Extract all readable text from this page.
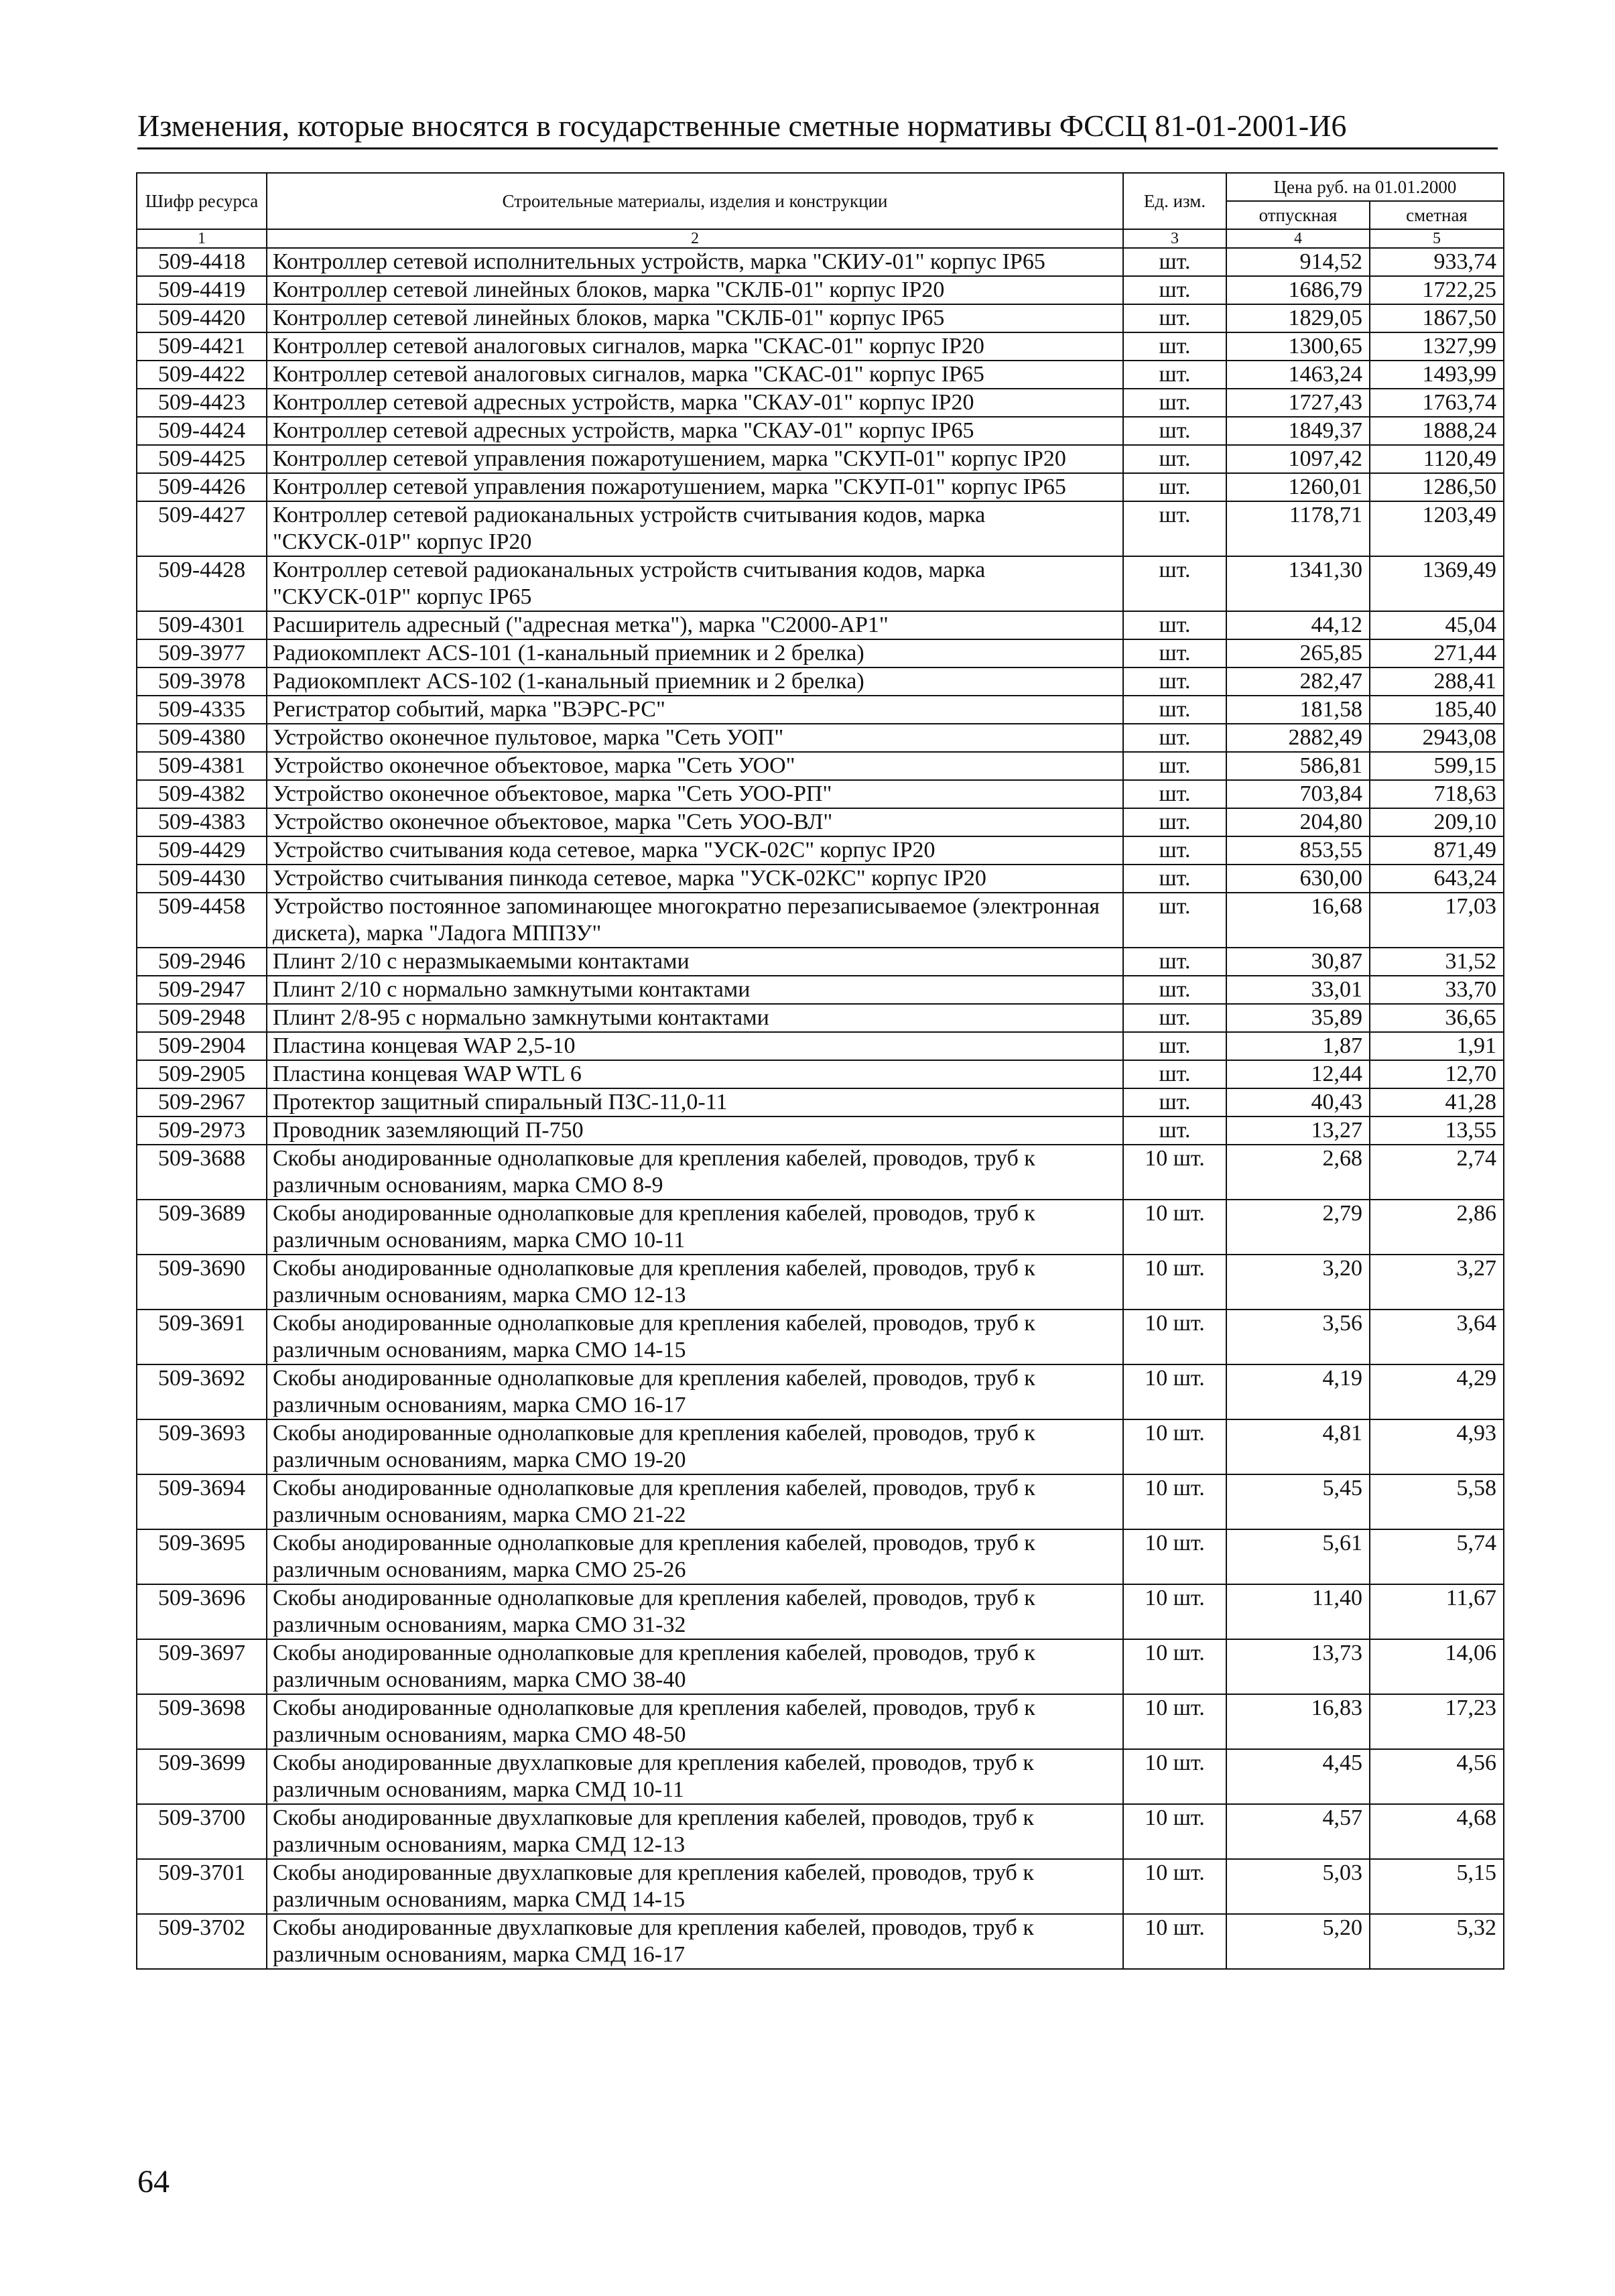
Изменения, которые вносятся в государственные сметные нормативы ФССЦ 81-01-2001-И6
Шифр ресурса	Строительные материалы, изделия и конструкции	Ед. изм.	Цена руб. на 01.01.2000	
			отпускная	сметная
1	2	3	4	5
509-4418	Контроллер сетевой исполнительных устройств, марка "СКИУ-01" корпус IP65	шт.	914,52	933,74
509-4419	Контроллер сетевой линейных блоков, марка "СКЛБ-01" корпус IP20	шт.	1686,79	1722,25
509-4420	Контроллер сетевой линейных блоков, марка "СКЛБ-01" корпус IP65	шт.	1829,05	1867,50
509-4421	Контроллер сетевой аналоговых сигналов, марка "СКАС-01" корпус IP20	шт.	1300,65	1327,99
509-4422	Контроллер сетевой аналоговых сигналов, марка "СКАС-01" корпус IP65	шт.	1463,24	1493,99
509-4423	Контроллер сетевой адресных устройств, марка "СКАУ-01" корпус IP20	шт.	1727,43	1763,74
509-4424	Контроллер сетевой адресных устройств, марка "СКАУ-01" корпус IP65	шт.	1849,37	1888,24
509-4425	Контроллер сетевой управления пожаротушением, марка "СКУП-01" корпус IP20	шт.	1097,42	1120,49
509-4426	Контроллер сетевой управления пожаротушением, марка "СКУП-01" корпус IP65	шт.	1260,01	1286,50
509-4427	Контроллер сетевой радиоканальных устройств считывания кодов, марка "СКУСК-01Р" корпус IP20	шт.	1178,71	1203,49
509-4428	Контроллер сетевой радиоканальных устройств считывания кодов, марка "СКУСК-01Р" корпус IP65	шт.	1341,30	1369,49
509-4301	Расширитель адресный ("адресная метка"), марка "С2000-АР1"	шт.	44,12	45,04
509-3977	Радиокомплект ACS-101 (1-канальный приемник и 2 брелка)	шт.	265,85	271,44
509-3978	Радиокомплект ACS-102 (1-канальный приемник и 2 брелка)	шт.	282,47	288,41
509-4335	Регистратор событий, марка "ВЭРС-РС"	шт.	181,58	185,40
509-4380	Устройство оконечное пультовое, марка "Сеть УОП"	шт.	2882,49	2943,08
509-4381	Устройство оконечное объектовое, марка "Сеть УОО"	шт.	586,81	599,15
509-4382	Устройство оконечное объектовое, марка "Сеть УОО-РП"	шт.	703,84	718,63
509-4383	Устройство оконечное объектовое, марка "Сеть УОО-ВЛ"	шт.	204,80	209,10
509-4429	Устройство считывания кода сетевое, марка "УСК-02С" корпус IP20	шт.	853,55	871,49
509-4430	Устройство считывания пинкода сетевое, марка "УСК-02КС" корпус IP20	шт.	630,00	643,24
509-4458	Устройство постоянное запоминающее многократно перезаписываемое (электронная дискета), марка "Ладога МППЗУ"	шт.	16,68	17,03
509-2946	Плинт 2/10 с неразмыкаемыми контактами	шт.	30,87	31,52
509-2947	Плинт 2/10 с нормально замкнутыми контактами	шт.	33,01	33,70
509-2948	Плинт 2/8-95 с нормально замкнутыми контактами	шт.	35,89	36,65
509-2904	Пластина концевая WAP 2,5-10	шт.	1,87	1,91
509-2905	Пластина концевая WAP WTL 6	шт.	12,44	12,70
509-2967	Протектор защитный спиральный ПЗС-11,0-11	шт.	40,43	41,28
509-2973	Проводник заземляющий П-750	шт.	13,27	13,55
509-3688	Скобы анодированные однолапковые для крепления кабелей, проводов, труб к различным основаниям, марка СМО 8-9	10 шт.	2,68	2,74
509-3689	Скобы анодированные однолапковые для крепления кабелей, проводов, труб к различным основаниям, марка СМО 10-11	10 шт.	2,79	2,86
509-3690	Скобы анодированные однолапковые для крепления кабелей, проводов, труб к различным основаниям, марка СМО 12-13	10 шт.	3,20	3,27
509-3691	Скобы анодированные однолапковые для крепления кабелей, проводов, труб к различным основаниям, марка СМО 14-15	10 шт.	3,56	3,64
509-3692	Скобы анодированные однолапковые для крепления кабелей, проводов, труб к различным основаниям, марка СМО 16-17	10 шт.	4,19	4,29
509-3693	Скобы анодированные однолапковые для крепления кабелей, проводов, труб к различным основаниям, марка СМО 19-20	10 шт.	4,81	4,93
509-3694	Скобы анодированные однолапковые для крепления кабелей, проводов, труб к различным основаниям, марка СМО 21-22	10 шт.	5,45	5,58
509-3695	Скобы анодированные однолапковые для крепления кабелей, проводов, труб к различным основаниям, марка СМО 25-26	10 шт.	5,61	5,74
509-3696	Скобы анодированные однолапковые для крепления кабелей, проводов, труб к различным основаниям, марка СМО 31-32	10 шт.	11,40	11,67
509-3697	Скобы анодированные однолапковые для крепления кабелей, проводов, труб к различным основаниям, марка СМО 38-40	10 шт.	13,73	14,06
509-3698	Скобы анодированные однолапковые для крепления кабелей, проводов, труб к различным основаниям, марка СМО 48-50	10 шт.	16,83	17,23
509-3699	Скобы анодированные двухлапковые для крепления кабелей, проводов, труб к различным основаниям, марка СМД 10-11	10 шт.	4,45	4,56
509-3700	Скобы анодированные двухлапковые для крепления кабелей, проводов, труб к различным основаниям, марка СМД 12-13	10 шт.	4,57	4,68
509-3701	Скобы анодированные двухлапковые для крепления кабелей, проводов, труб к различным основаниям, марка СМД 14-15	10 шт.	5,03	5,15
509-3702	Скобы анодированные двухлапковые для крепления кабелей, проводов, труб к различным основаниям, марка СМД 16-17	10 шт.	5,20	5,32
64
